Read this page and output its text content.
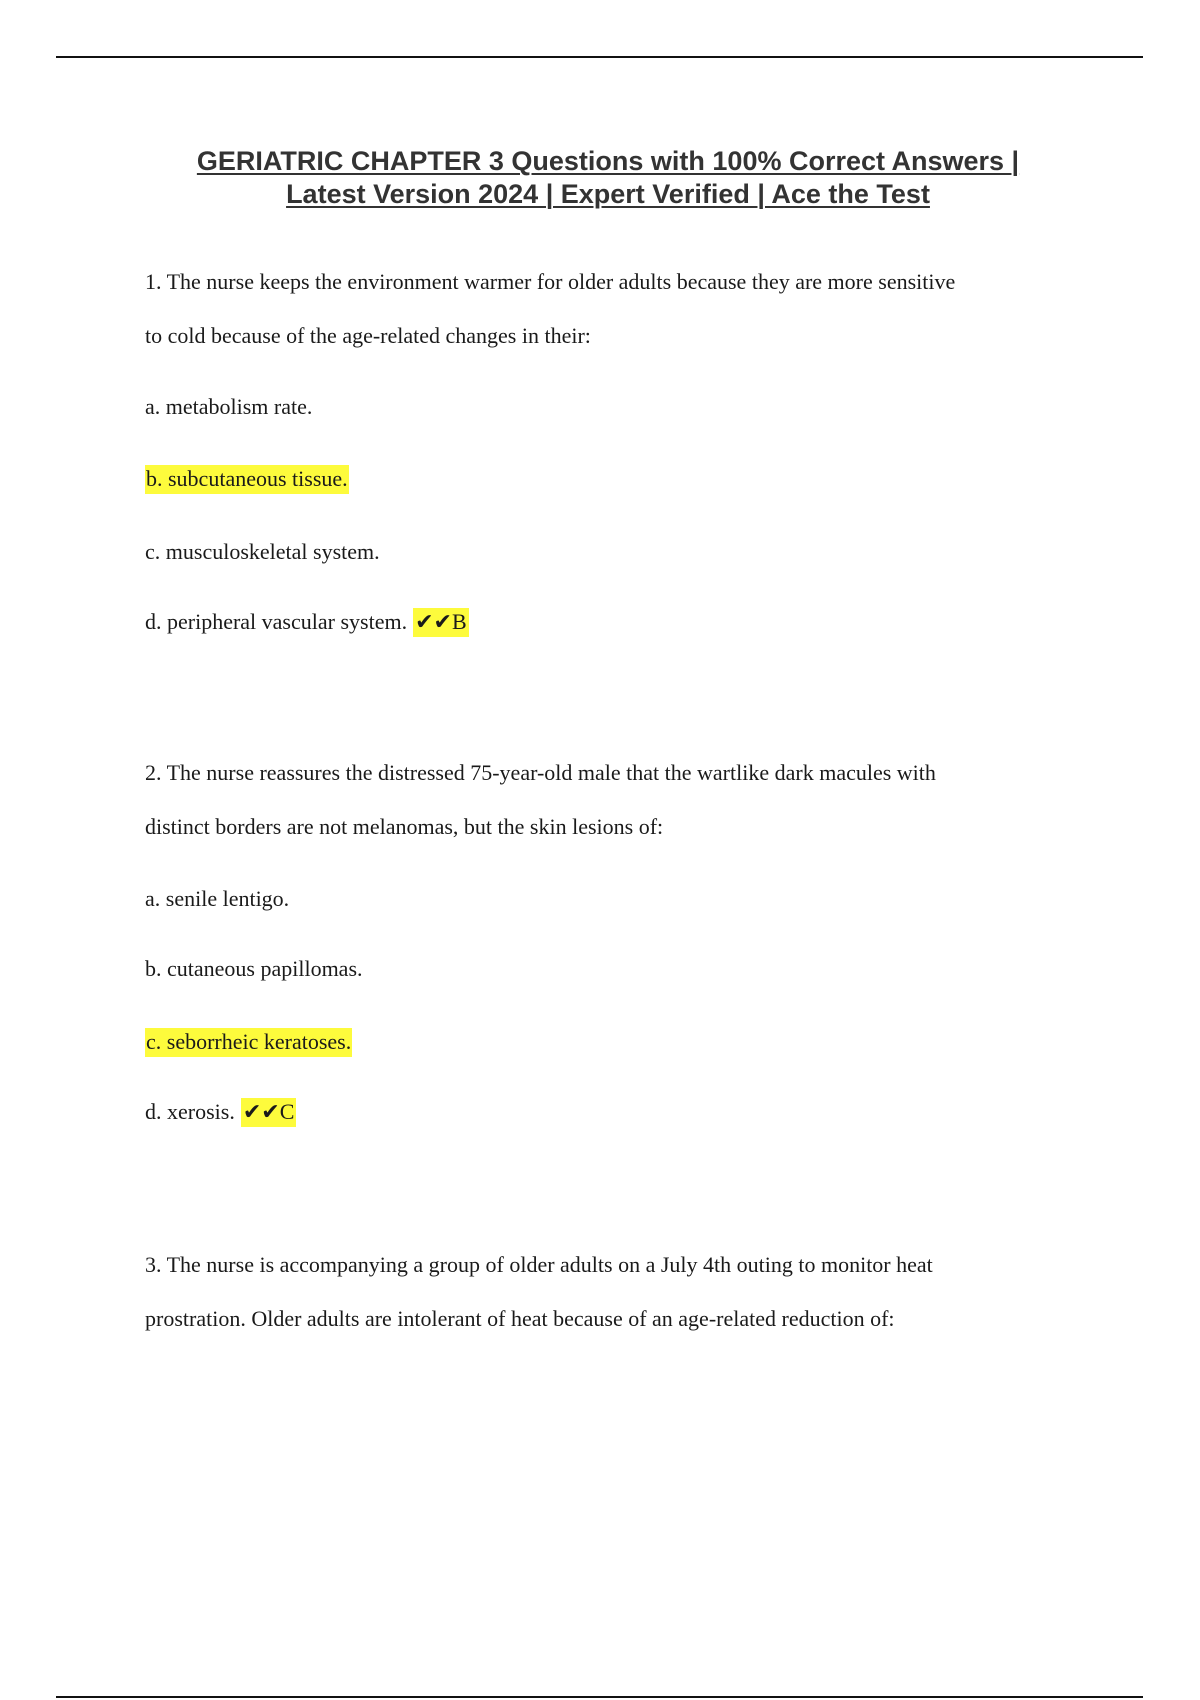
GERIATRIC CHAPTER 3 Questions with 100% Correct Answers |
Latest Version 2024 | Expert Verified | Ace the Test
1. The nurse keeps the environment warmer for older adults because they are more sensitive
to cold because of the age-related changes in their:
a. metabolism rate.
b. subcutaneous tissue.
c. musculoskeletal system.
d. peripheral vascular system. ✔✔B
2. The nurse reassures the distressed 75-year-old male that the wartlike dark macules with
distinct borders are not melanomas, but the skin lesions of:
a. senile lentigo.
b. cutaneous papillomas.
c. seborrheic keratoses.
d. xerosis. ✔✔C
3. The nurse is accompanying a group of older adults on a July 4th outing to monitor heat
prostration. Older adults are intolerant of heat because of an age-related reduction of:
